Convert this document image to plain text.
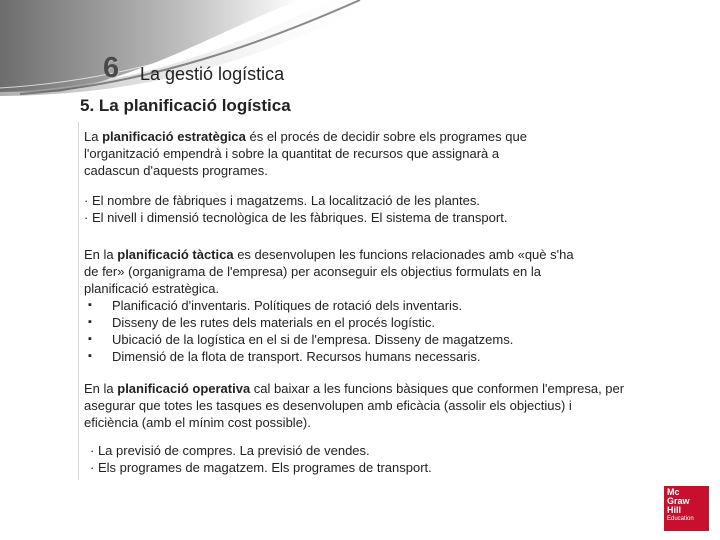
6 La gestió logística
5. La planificació logística

La planificació estratègica és el procés de decidir sobre els programes que

l'organització empendrà i sobre la quantitat de recursos que assignarà a

cadascun d'aquests programes.

· El nombre de fàbriques i magatzems. La localització de les plantes.

· El nivell i dimensió tecnològica de les fàbriques. El sistema de transport.

En la planificació tàctica es desenvolupen les funcions relacionades amb «què s'ha

de fer» (organigrama de l'empresa) per aconseguir els objectius formulats en la

planificació estratègica.

▪ Planificació d'inventaris. Polítiques de rotació dels inventaris.
▪ Disseny de les rutes dels materials en el procés logístic.
▪ Ubicació de la logística en el si de l'empresa. Disseny de magatzems.
▪ Dimensió de la flota de transport. Recursos humans necessaris.

En la planificació operativa cal baixar a les funcions bàsiques que conformen l'empresa, per

asegurar que totes les tasques es desenvolupen amb eficàcia (assolir els objectius) i

eficiència (amb el mínim cost possible).

· La previsió de compres. La previsió de vendes.

· Els programes de magatzem. Els programes de transport.

Mc
Graw
Hill
Education
